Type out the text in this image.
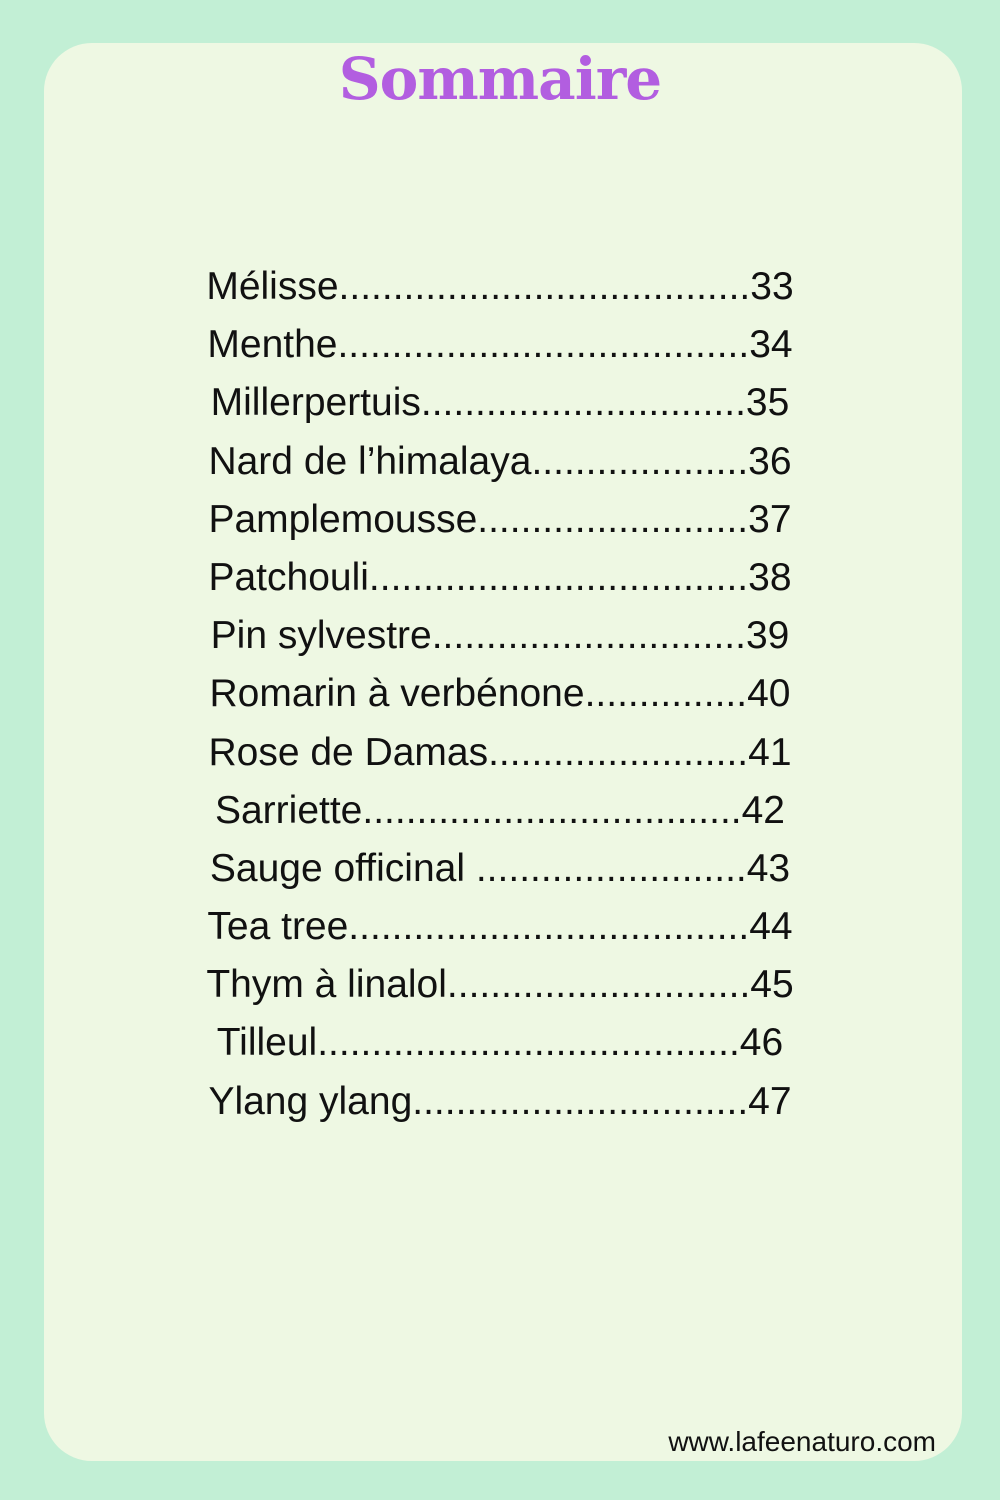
Sommaire
Mélisse......................................33
Menthe......................................34
Millerpertuis..............................35
Nard de l’himalaya....................36
Pamplemousse.........................37
Patchouli...................................38
Pin sylvestre.............................39
Romarin à verbénone...............40
Rose de Damas........................41
Sarriette...................................42
Sauge officinal .........................43
Tea tree.....................................44
Thym à linalol............................45
Tilleul.......................................46
Ylang ylang...............................47
www.lafeenaturo.com
